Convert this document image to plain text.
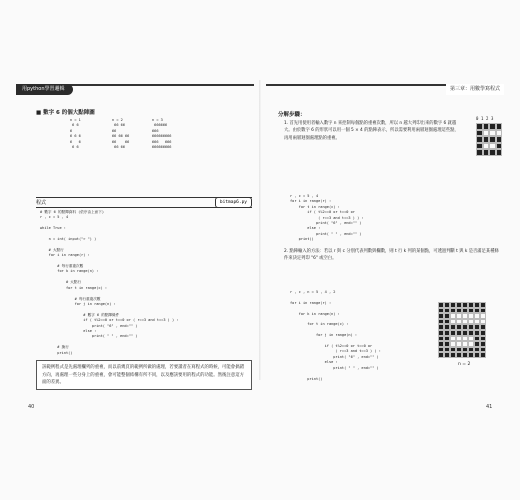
用python學習邏輯	第三章：用數學寫程式
■ 數字 6 的個大點陣圖
n = 1
6 6
6
6 6 6
6   6
6 6
n = 2
66 66
66
66 66 66
66    66
66 66
n = 3
666666
666
666666666
666   666
666666666
程式	bitmap6.py
# 數字 6 的點陣資料 (依序由上而下)
r , c = 5 , 4

while True :

n = int( input("> ") )

# 大點行
for i in range(r) :

# 每行重複次數
for k in range(n) :

# 大點行
for t in range(c) :

# 每行重複次數
for j in range(n) :

# 數字 6 的點陣條件
if ( t%2==0 or t==0 or ( r==3 and t==3 ) ) :
print( "6" , end="" )
else :
print( " " , end="" )

# 換行
print()
該範例程式是先處理欄列的重複，而以前幾頁的範例所做的處理，若要讀者在寫程式的時候，可能會搞錯方向，再處理一些分身上的重複，會可能整個結構有所不同，以及應該要用的程式的功能。然後注意這方面的差異。
40
分解步驟：
1. 首先用使用者輸入數字 n 來控制每個點的重複次數，所以 n 越大列印出來的數字 6 就越大。由於數字 6 的形狀可以用一個 5 × 4 的點陣表示，所以需要利用兩層迴圈處理這些點，再用兩層迴圈處理點的重複。
0123
r , c = 5 , 4
for i in range(r) :
for t in range(c) :
if ( t%2==0 or t==0 or
( r==3 and t==3 ) ) :
print( "6" , end="" )
else :
print( " " , end="" )
print()
2. 點陣輸入的方法：若以 r 與 c 分別代表列數與欄數，則 t 行 k 列的某個點，可透過判斷 t 與 k 是否滿足某種條件來決定列印 "6" 或空白。
r , c , n = 5 , 4 , 2

for i in range(r) :

for k in range(n) :

for t in range(c) :

for j in range(n) :

if ( t%2==0 or t==0 or
( r==3 and t==3 ) ) :
print( "6" , end="" )
else :
print( " " , end="" )

print()
n = 2
41
